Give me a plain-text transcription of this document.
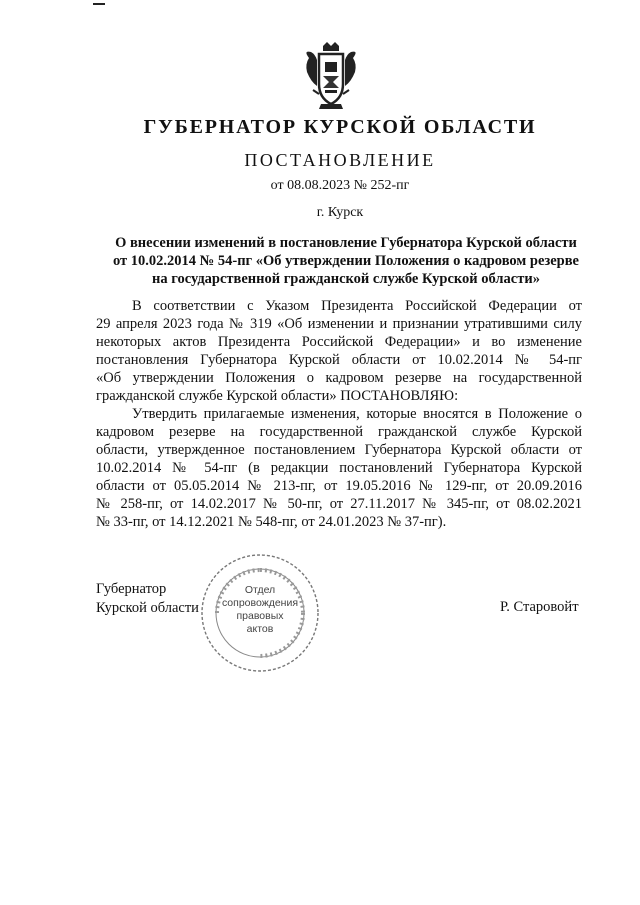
ГУБЕРНАТОР КУРСКОЙ ОБЛАСТИ
ПОСТАНОВЛЕНИЕ
от 08.08.2023 № 252-пг
г. Курск
О внесении изменений в постановление Губернатора Курской области
от 10.02.2014 № 54-пг «Об утверждении Положения о кадровом резерве
на государственной гражданской службе Курской области»
В соответствии с Указом Президента Российской Федерации от
29 апреля 2023 года № 319 «Об изменении и признании утратившими силу
некоторых актов Президента Российской Федерации» и во изменение
постановления Губернатора Курской области от 10.02.2014 № 54-пг
«Об утверждении Положения о кадровом резерве на государственной
гражданской службе Курской области» ПОСТАНОВЛЯЮ:
Утвердить прилагаемые изменения, которые вносятся в Положение о
кадровом резерве на государственной гражданской службе Курской
области, утвержденное постановлением Губернатора Курской области от
10.02.2014 № 54-пг (в редакции постановлений Губернатора Курской
области от 05.05.2014 № 213-пг, от 19.05.2016 № 129-пг, от 20.09.2016
№ 258-пг, от 14.02.2017 № 50-пг, от 27.11.2017 № 345-пг, от 08.02.2021
№ 33-пг, от 14.12.2021 № 548-пг, от 24.01.2023 № 37-пг).
Отдел
сопровождения
правовых
актов
Губернатор
Курской области	Р. Старовойт
